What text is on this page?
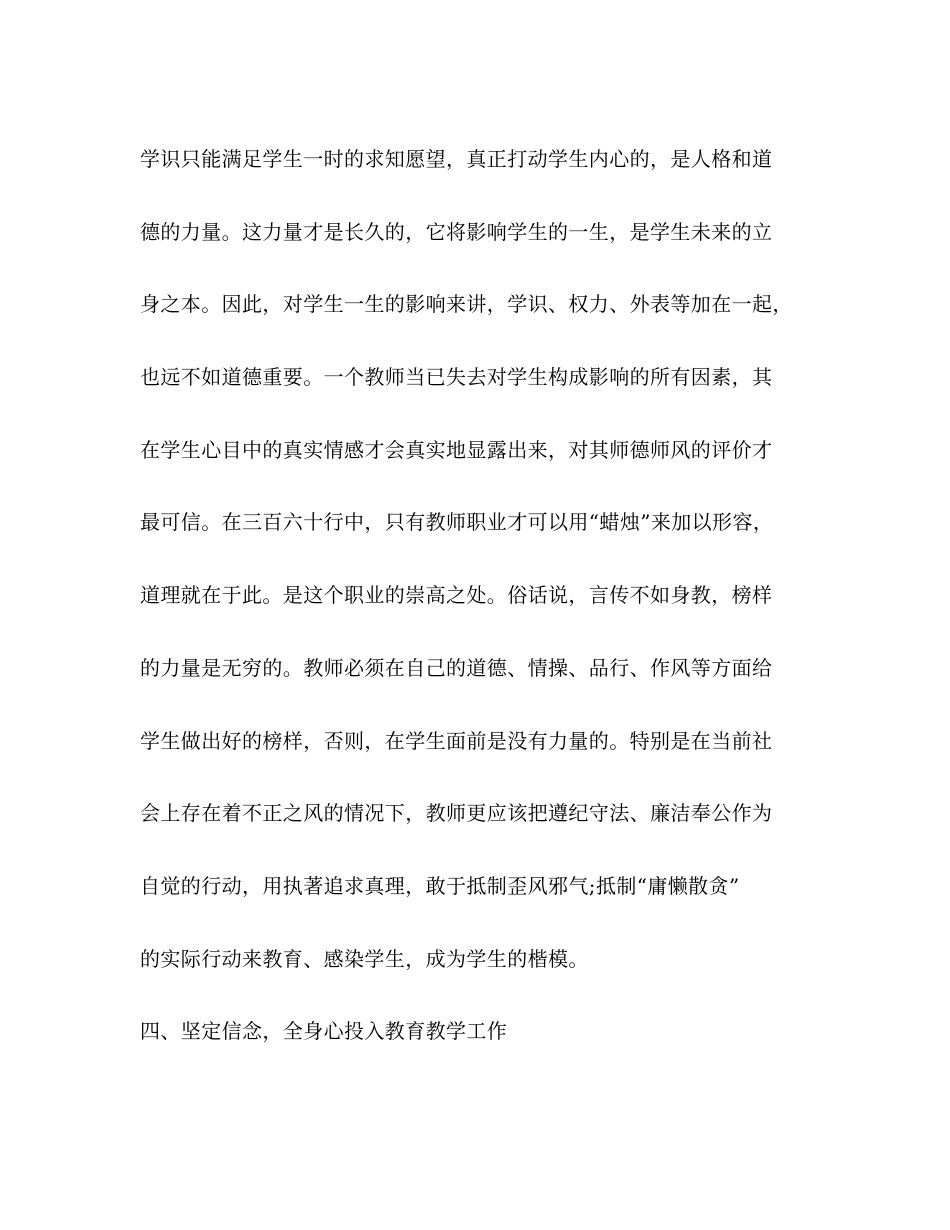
学识只能满足学生一时的求知愿望，真正打动学生内心的，是人格和道
德的力量。这力量才是长久的，它将影响学生的一生，是学生未来的立
身之本。因此，对学生一生的影响来讲，学识、权力、外表等加在一起，
也远不如道德重要。一个教师当已失去对学生构成影响的所有因素，其
在学生心目中的真实情感才会真实地显露出来，对其师德师风的评价才
最可信。在三百六十行中，只有教师职业才可以用“蜡烛”来加以形容，
道理就在于此。是这个职业的崇高之处。俗话说，言传不如身教，榜样
的力量是无穷的。教师必须在自己的道德、情操、品行、作风等方面给
学生做出好的榜样，否则，在学生面前是没有力量的。特别是在当前社
会上存在着不正之风的情况下，教师更应该把遵纪守法、廉洁奉公作为
自觉的行动，用执著追求真理，敢于抵制歪风邪气;抵制“庸懒散贪”
的实际行动来教育、感染学生，成为学生的楷模。
四、坚定信念，全身心投入教育教学工作
